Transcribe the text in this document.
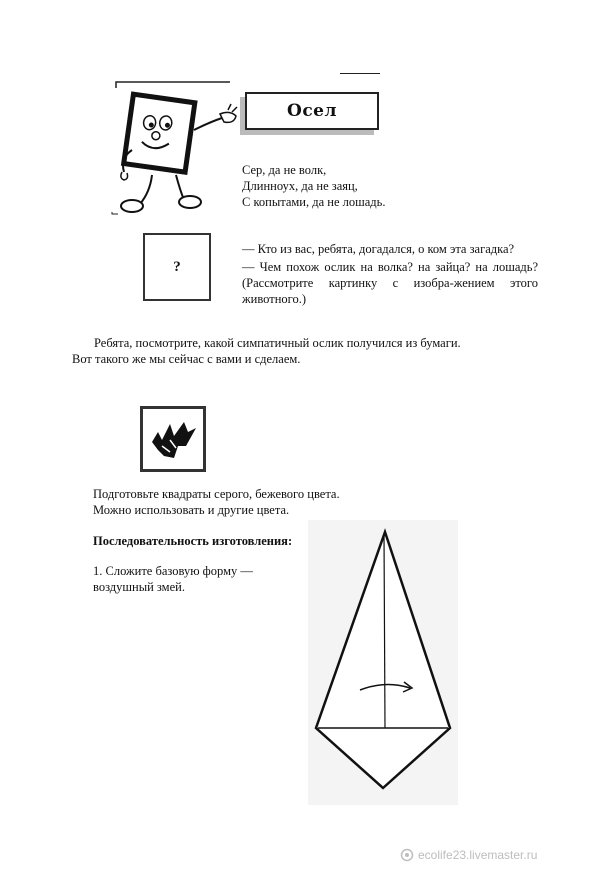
Осел
Сер, да не волк,
Длинноух, да не заяц,
С копытами, да не лошадь.
?
— Кто из вас, ребята, догадался, о ком эта загадка?
— Чем похож ослик на волка? на зайца? на лошадь? (Рассмотрите картинку с изобра-жением этого животного.)
Ребята, посмотрите, какой симпатичный ослик получился из бумаги.
Вот такого же мы сейчас с вами и сделаем.
Подготовьте квадраты серого, бежевого цвета.
Можно использовать и другие цвета.
Последовательность изготовления:
1. Сложите базовую форму —
воздушный змей.
ecolife23.livemaster.ru
